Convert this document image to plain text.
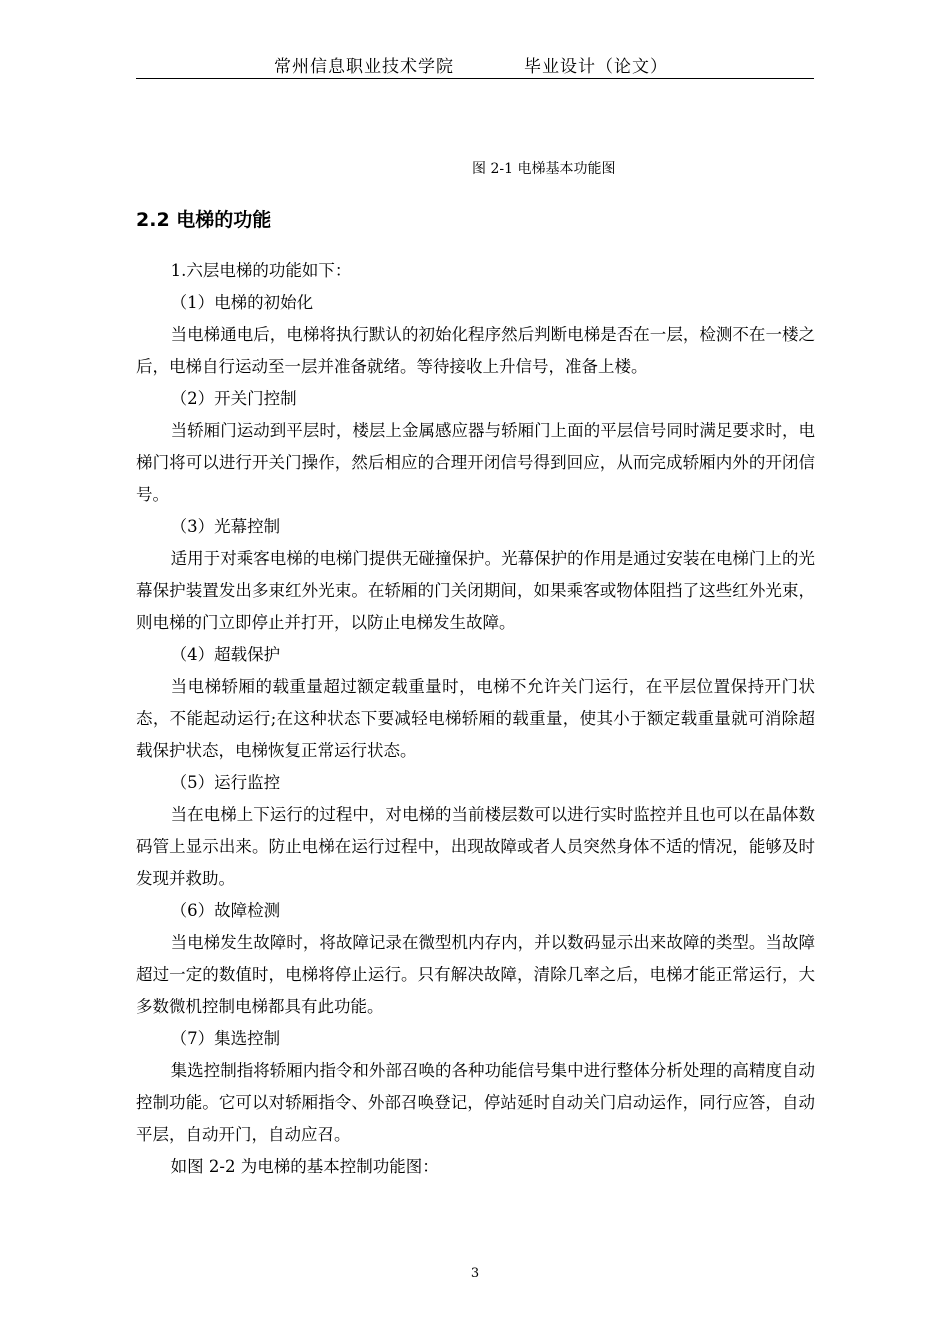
常州信息职业技术学院	毕业设计（论文）
图 2-1 电梯基本功能图
2.2 电梯的功能

1.六层电梯的功能如下：

（1）电梯的初始化

当电梯通电后，电梯将执行默认的初始化程序然后判断电梯是否在一层，检测不在一楼之后，电梯自行运动至一层并准备就绪。等待接收上升信号，准备上楼。

（2）开关门控制

当轿厢门运动到平层时，楼层上金属感应器与轿厢门上面的平层信号同时满足要求时，电梯门将可以进行开关门操作，然后相应的合理开闭信号得到回应，从而完成轿厢内外的开闭信号。

（3）光幕控制

适用于对乘客电梯的电梯门提供无碰撞保护。光幕保护的作用是通过安装在电梯门上的光幕保护装置发出多束红外光束。在轿厢的门关闭期间，如果乘客或物体阻挡了这些红外光束，则电梯的门立即停止并打开，以防止电梯发生故障。

（4）超载保护

当电梯轿厢的载重量超过额定载重量时，电梯不允许关门运行，在平层位置保持开门状态，不能起动运行;在这种状态下要减轻电梯轿厢的载重量，使其小于额定载重量就可消除超载保护状态，电梯恢复正常运行状态。

（5）运行监控

当在电梯上下运行的过程中，对电梯的当前楼层数可以进行实时监控并且也可以在晶体数码管上显示出来。防止电梯在运行过程中，出现故障或者人员突然身体不适的情况，能够及时发现并救助。

（6）故障检测

当电梯发生故障时，将故障记录在微型机内存内，并以数码显示出来故障的类型。当故障超过一定的数值时，电梯将停止运行。只有解决故障，清除几率之后，电梯才能正常运行，大多数微机控制电梯都具有此功能。

（7）集选控制

集选控制指将轿厢内指令和外部召唤的各种功能信号集中进行整体分析处理的高精度自动控制功能。它可以对轿厢指令、外部召唤登记，停站延时自动关门启动运作，同行应答，自动平层，自动开门，自动应召。

如图 2-2 为电梯的基本控制功能图：

3
